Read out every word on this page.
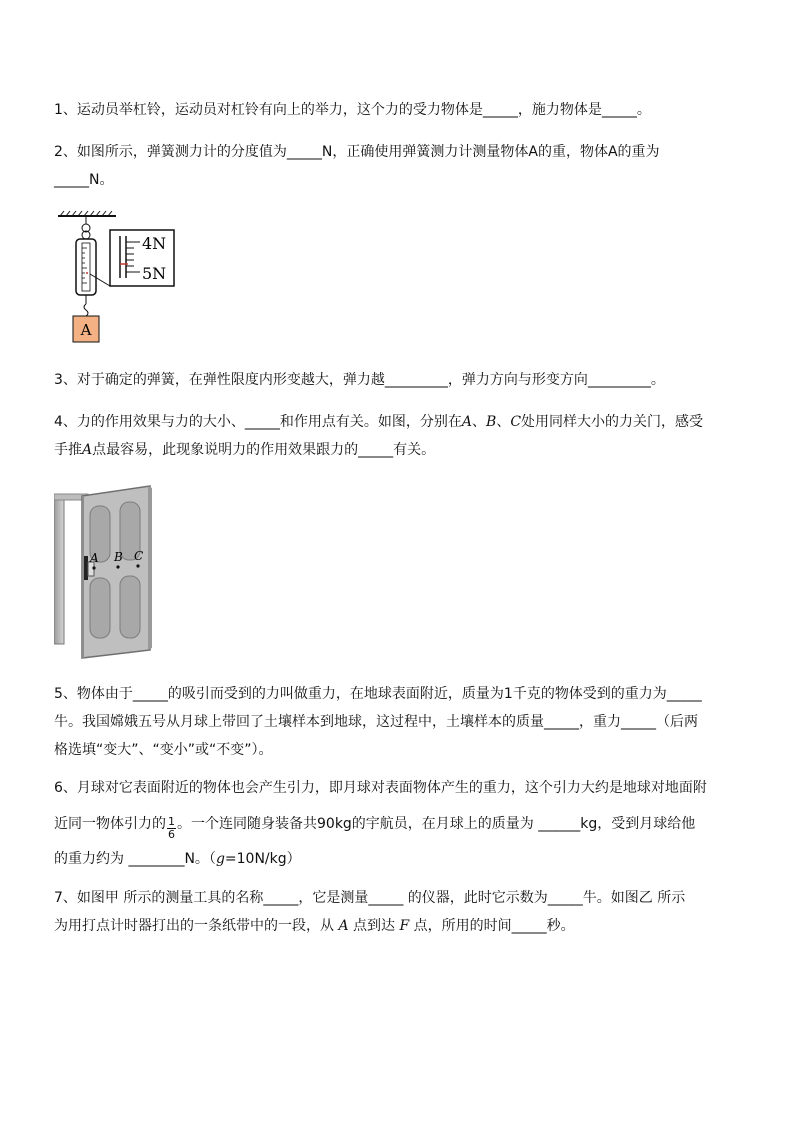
1、运动员举杠铃，运动员对杠铃有向上的举力，这个力的受力物体是_____，施力物体是_____。

2、如图所示，弹簧测力计的分度值为_____N，正确使用弹簧测力计测量物体A的重，物体A的重为
_____N。

4N
5N
A

3、对于确定的弹簧，在弹性限度内形变越大，弹力越_________，弹力方向与形变方向_________。

4、力的作用效果与力的大小、_____和作用点有关。如图，分别在A、B、C处用同样大小的力关门，感受
手推A点最容易，此现象说明力的作用效果跟力的_____有关。

A B C

5、物体由于_____的吸引而受到的力叫做重力，在地球表面附近，质量为1千克的物体受到的重力为_____
牛。我国嫦娥五号从月球上带回了土壤样本到地球，这过程中，土壤样本的质量_____，重力_____（后两
格选填“变大”、“变小”或“不变”）。

6、月球对它表面附近的物体也会产生引力，即月球对表面物体产生的重力，这个引力大约是地球对地面附
近同一物体引力的 $\frac{1}{6}$ 。一个连同随身装备共90kg的宇航员，在月球上的质量为 ______kg，受到月球给他
的重力约为 ________N。（g=10N/kg）

7、如图甲 所示的测量工具的名称_____，它是测量_____ 的仪器，此时它示数为_____牛。如图乙 所示
为用打点计时器打出的一条纸带中的一段，从 A 点到达 F 点，所用的时间_____秒。
